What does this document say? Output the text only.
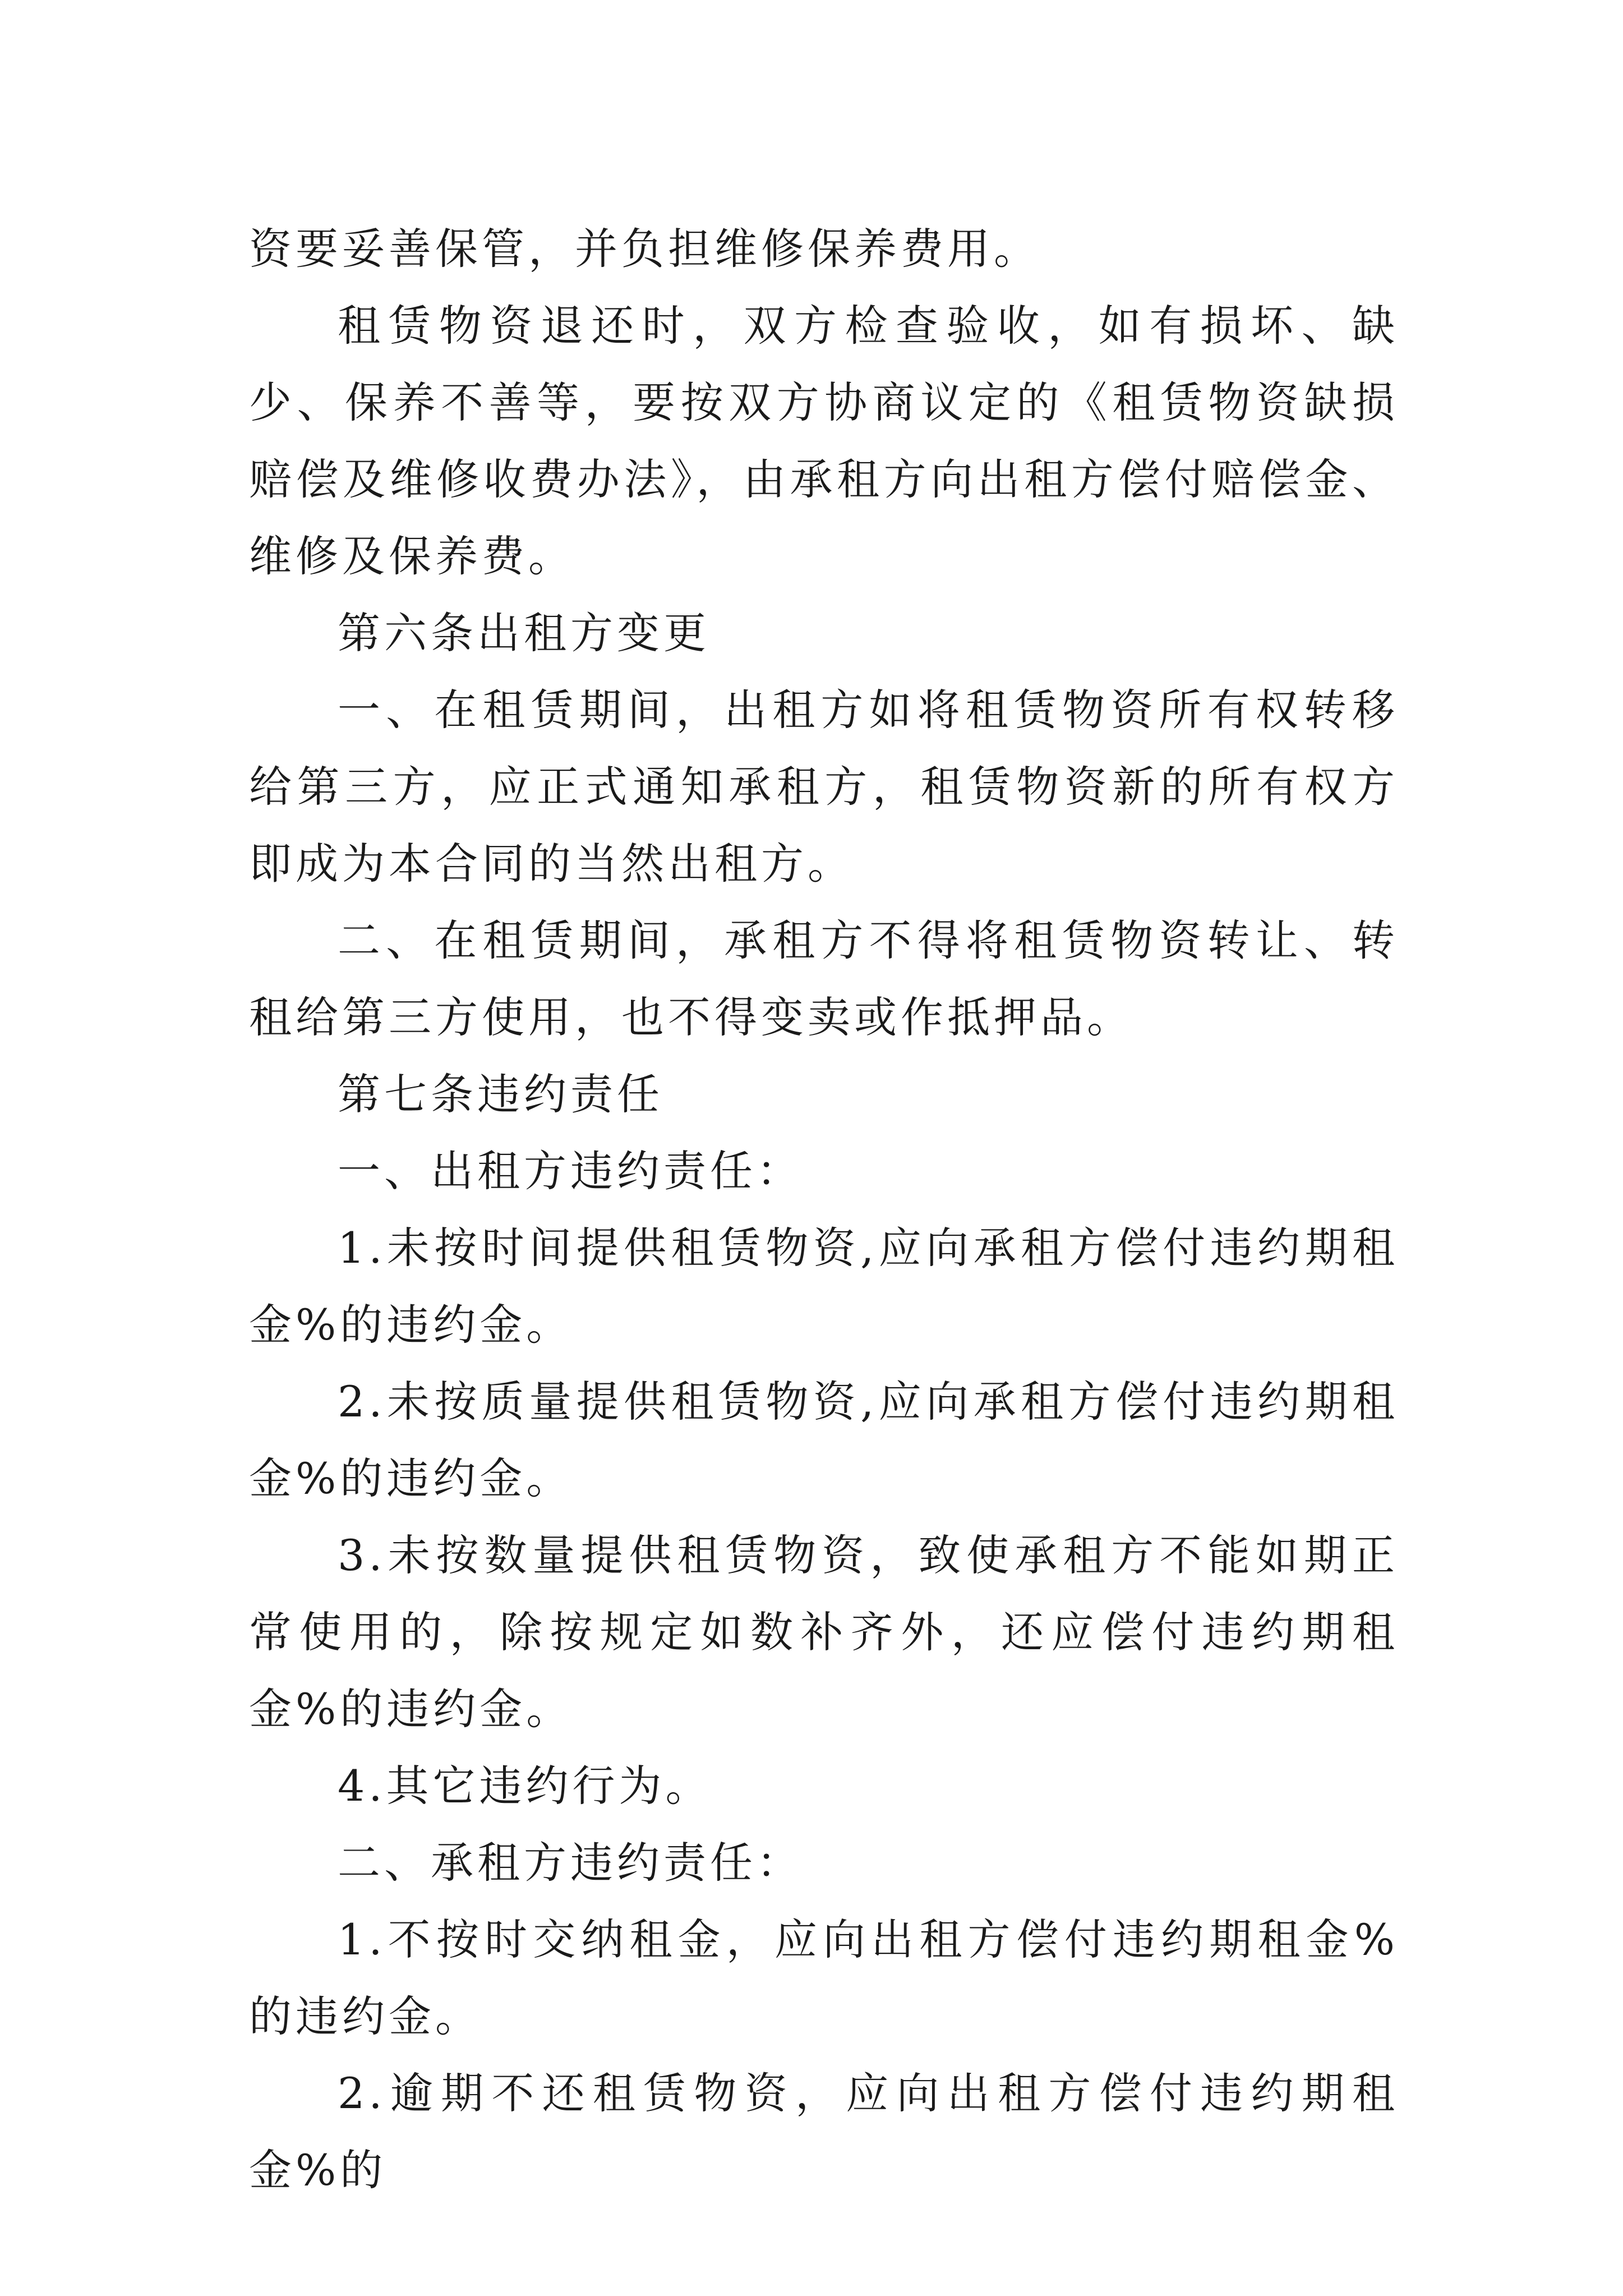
资要妥善保管，并负担维修保养费用。

租赁物资退还时，双方检查验收，如有损坏、缺少、保养不善等，要按双方协商议定的《租赁物资缺损赔偿及维修收费办法》，由承租方向出租方偿付赔偿金、维修及保养费。

第六条出租方变更

一、在租赁期间，出租方如将租赁物资所有权转移给第三方，应正式通知承租方，租赁物资新的所有权方即成为本合同的当然出租方。

二、在租赁期间，承租方不得将租赁物资转让、转租给第三方使用，也不得变卖或作抵押品。

第七条违约责任

一、出租方违约责任：

1.未按时间提供租赁物资,应向承租方偿付违约期租金%的违约金。

2.未按质量提供租赁物资,应向承租方偿付违约期租金%的违约金。

3.未按数量提供租赁物资，致使承租方不能如期正常使用的，除按规定如数补齐外，还应偿付违约期租金%的违约金。

4.其它违约行为。

二、承租方违约责任：

1.不按时交纳租金，应向出租方偿付违约期租金%的违约金。

2.逾期不还租赁物资，应向出租方偿付违约期租金%的
